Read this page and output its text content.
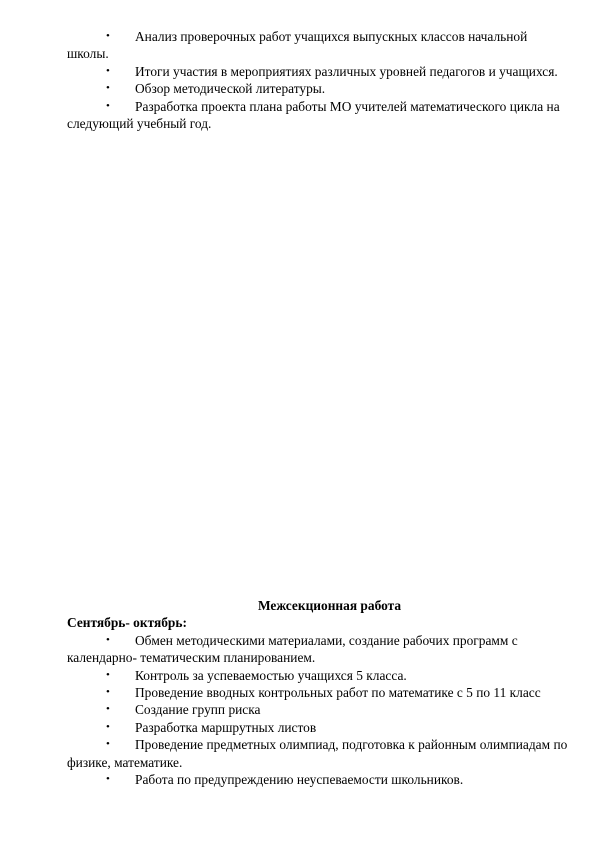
• Анализ проверочных работ учащихся выпускных классов начальной школы.
• Итоги участия в мероприятиях различных уровней педагогов и учащихся.
• Обзор методической литературы.
• Разработка проекта плана работы МО учителей математического цикла на следующий учебный год.
Межсекционная работа
Сентябрь- октябрь:
• Обмен методическими материалами, создание рабочих программ с календарно- тематическим планированием.
• Контроль за успеваемостью учащихся 5 класса.
• Проведение вводных контрольных работ по математике с 5 по 11 класс
• Создание групп риска
• Разработка маршрутных листов
• Проведение предметных олимпиад, подготовка к районным олимпиадам по физике, математике.
• Работа по предупреждению неуспеваемости школьников.
